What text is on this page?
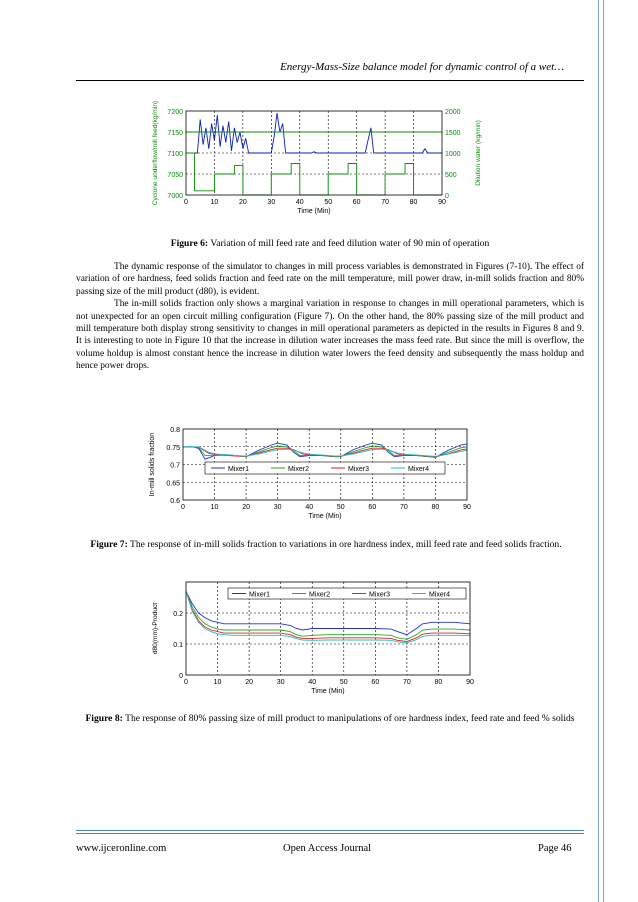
Energy-Mass-Size balance model for dynamic control of a wet…
0	10	20	30	40	50	60	70	80	90
7000
7050
7100
7150
7200
0
500
1000
1500
2000
Time (Min)
Cyclone underflow/mill feed(kg/min)	Dilution water (kg/min)
Figure 6: Variation of mill feed rate and feed dilution water of 90 min of operation

The dynamic response of the simulator to changes in mill process variables is demonstrated in Figures (7-10). The effect of variation of ore hardness, feed solids fraction and feed rate on the mill temperature, mill power draw, in-mill solids fraction and 80% passing size of the mill product (d80), is evident.

The in-mill solids fraction only shows a marginal variation in response to changes in mill operational parameters, which is not unexpected for an open circuit milling configuration (Figure 7). On the other hand, the 80% passing size of the mill product and mill temperature both display strong sensitivity to changes in mill operational parameters as depicted in the results in Figures 8 and 9. It is interesting to note in Figure 10 that the increase in dilution water increases the mass feed rate. But since the mill is overflow, the volume holdup is almost constant hence the increase in dilution water lowers the feed density and subsequently the mass holdup and hence power drops.

0	10	20	30	40	50	60	70	80	90
0.6
0.65
0.7
0.75
0.8
Time (Min)
In-mill solids fraction	Mixer1	Mixer2	Mixer3	Mixer4
Figure 7: The response of in-mill solids fraction to variations in ore hardness index, mill feed rate and feed solids fraction.
0	10	20	30	40	50	60	70	80	90
0
0.1
0.2
Time (Min)
d80(mm)-Product
Mixer1	Mixer2	Mixer3	Mixer4
Figure 8: The response of 80% passing size of mill product to manipulations of ore hardness index, feed rate and feed % solids
www.ijceronline.com	Open Access Journal	Page 46
